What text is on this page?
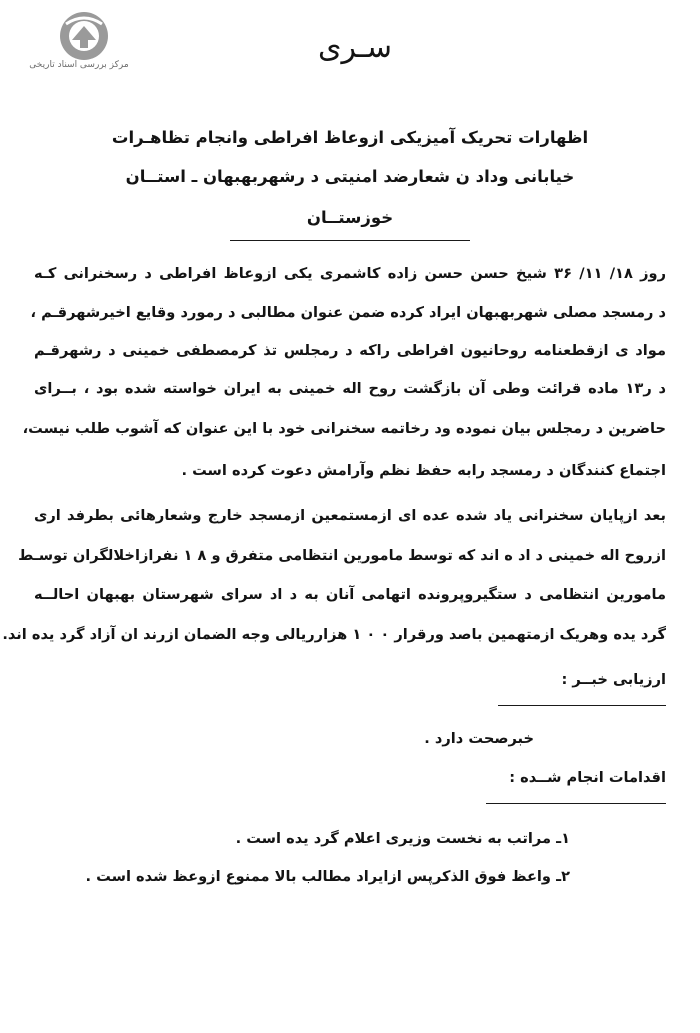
مرکز بررسی اسناد تاریخی	سـری
اظهارات تحریک آمیزیکی ازوعاظ افراطی وانجام تظاهـرات
خیابانی وداد ن شعارضد امنیتی د رشهربهبهان ـ استــان
خوزستــان
روز ۱۸/ ۱۱/ ۳۶ شیخ حسن حسن زاده کاشمری یکی ازوعاظ افراطی د رسخنرانی کـه
د رمسجد مصلی شهربهبهان ایراد کرده ضمن عنوان مطالبی د رمورد وقایع اخیرشهرقـم ،
مواد ی ازقطعنامه روحانیون افراطی راکه د رمجلس تذ کرمصطفی خمینی د رشهرقـم
د ر۱۳ ماده قرائت وطی آن بازگشت روح اله خمینی به ایران خواسته شده بود ، بــرای
حاضرین د رمجلس بیان نموده ود رخاتمه سخنرانی خود با این عنوان که آشوب طلب نیست،
اجتماع کنندگان د رمسجد رابه حفظ نظم وآرامش دعوت کرده است .
بعد ازپایان سخنرانی یاد شده عده ای ازمستمعین ازمسجد خارج وشعارهائی بطرفد اری
ازروح اله خمینی د اد ه اند که توسط مامورین انتظامی متفرق و ۸ ۱ نفرازاخلالگران توسـط
مامورین انتظامی د ستگیروپرونده اتهامی آنان به د اد سرای شهرستان بهبهان احالــه
گرد یده وهریک ازمتهمین باصد ورقرار ۰ ۰ ۱ هزارریالی وجه الضمان ازرند ان آزاد گرد یده اند.
ارزیابی خبــر :
خبرصحت دارد .
اقدامات انجام شــده :
۱ـ مراتب به نخست وزیری اعلام گرد یده است .
۲ـ واعظ فوق الذکرپس ازایراد مطالب بالا ممنوع ازوعظ شده است .
